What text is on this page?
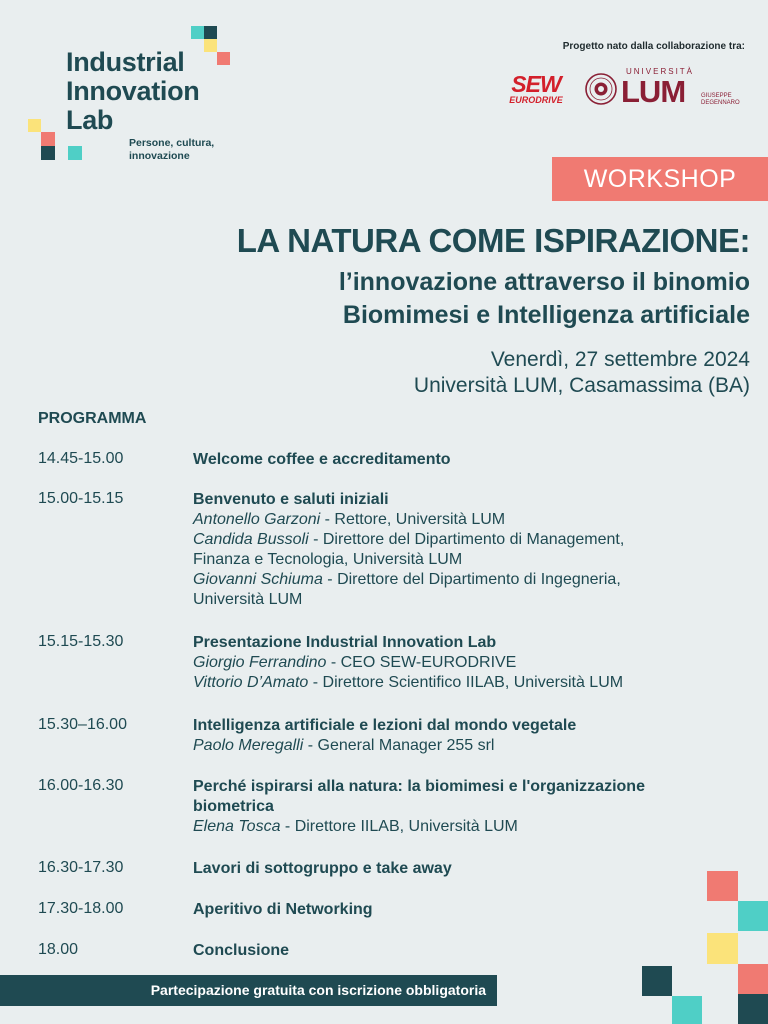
Industrial
Innovation
Lab
Persone, cultura,
innovazione
Progetto nato dalla collaborazione tra:
SEW
EURODRIVE
UNIVERSITÀ
LUM	GIUSEPPE
DEGENNARO
WORKSHOP
LA NATURA COME ISPIRAZIONE:
l’innovazione attraverso il binomio
Biomimesi e Intelligenza artificiale
Venerdì, 27 settembre 2024
Università LUM, Casamassima (BA)
PROGRAMMA
14.45-15.00	Welcome coffee e accreditamento
15.00-15.15	Benvenuto e saluti iniziali
Antonello Garzoni - Rettore, Università LUM
Candida Bussoli - Direttore del Dipartimento di Management, Finanza e Tecnologia, Università LUM
Giovanni Schiuma - Direttore del Dipartimento di Ingegneria, Università LUM
15.15-15.30	Presentazione Industrial Innovation Lab
Giorgio Ferrandino - CEO SEW-EURODRIVE
Vittorio D’Amato - Direttore Scientifico IILAB, Università LUM
15.30–16.00	Intelligenza artificiale e lezioni dal mondo vegetale
Paolo Meregalli - General Manager 255 srl
16.00-16.30	Perché ispirarsi alla natura: la biomimesi e l'organizzazione biometrica
Elena Tosca - Direttore IILAB, Università LUM
16.30-17.30	Lavori di sottogruppo e take away
17.30-18.00	Aperitivo di Networking
18.00	Conclusione
Partecipazione gratuita con iscrizione obbligatoria
